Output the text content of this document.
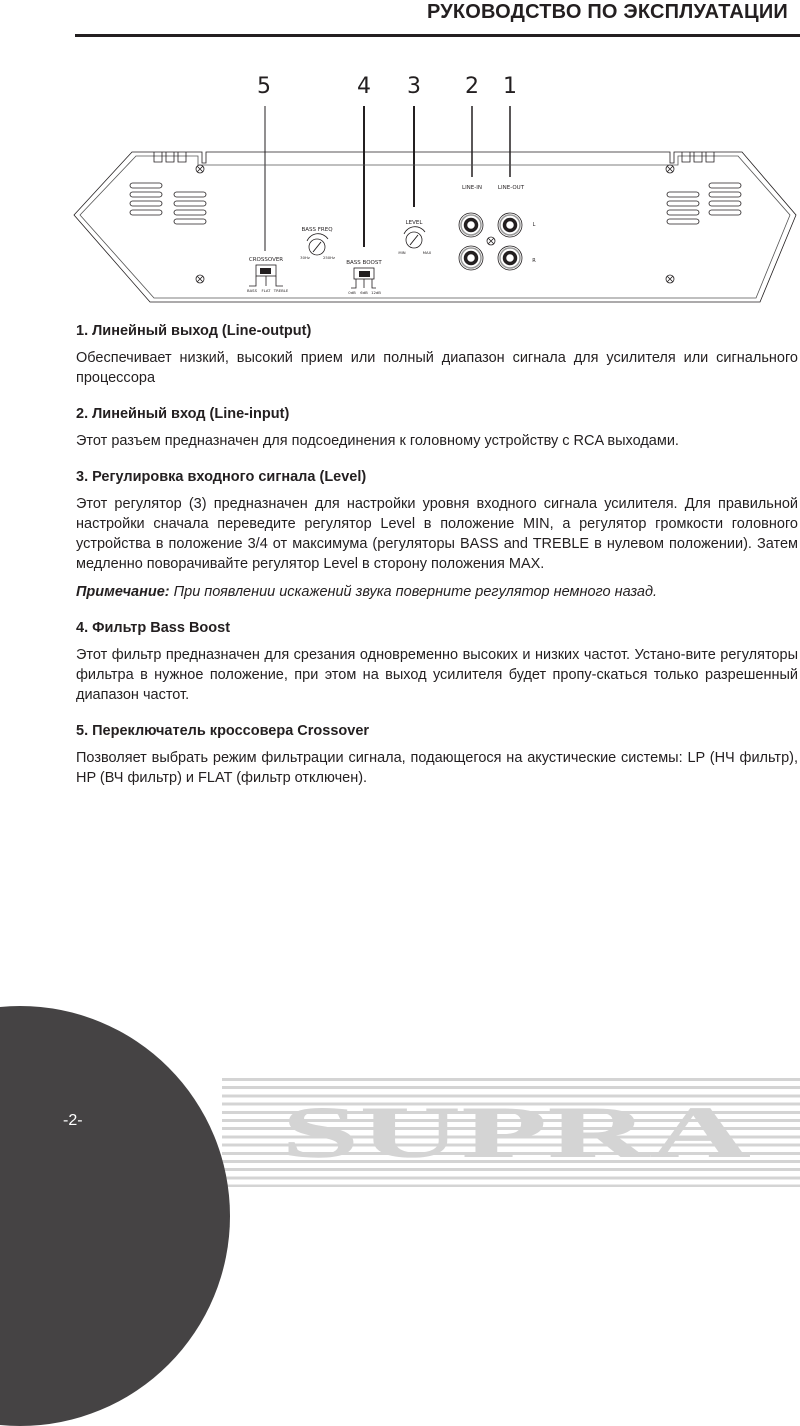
РУКОВОДСТВО ПО ЭКСПЛУАТАЦИИ
5	4 3 2 1
CROSSOVER
BASS FLAT TREBLE
BASS FREQ
30Hz	250Hz
BASS BOOST
0dB 6dB 12dB
LEVEL
MIN	MAX
LINE-IN	LINE-OUT
L
R
1. Линейный выход (Line-output)

Обеспечивает низкий, высокий прием или полный диапазон сигнала для усилителя или сигнального процессора

2. Линейный вход (Line-input)

Этот разъем предназначен для подсоединения к головному устройству с RCA выходами.

3. Регулировка входного сигнала (Level)

Этот регулятор (3) предназначен для настройки уровня входного сигнала усилителя. Для правильной настройки сначала переведите регулятор Level в положение MIN, а регулятор громкости головного устройства в положение 3/4 от максимума (регуляторы BASS and TREBLE в нулевом положении). Затем медленно поворачивайте регулятор Level в сторону положения MAX.

Примечание: При появлении искажений звука поверните регулятор немного назад.

4. Фильтр Bass Boost

Этот фильтр предназначен для срезания одновременно высоких и низких частот. Устано-вите регуляторы фильтра в нужное положение, при этом на выход усилителя будет пропу-скаться только разрешенный диапазон частот.

5. Переключатель кроссовера Crossover

Позволяет выбрать режим фильтрации сигнала, подающегося на акустические системы: LP (НЧ фильтр), HP (ВЧ фильтр) и FLAT (фильтр отключен).

SUPRA
-2-
